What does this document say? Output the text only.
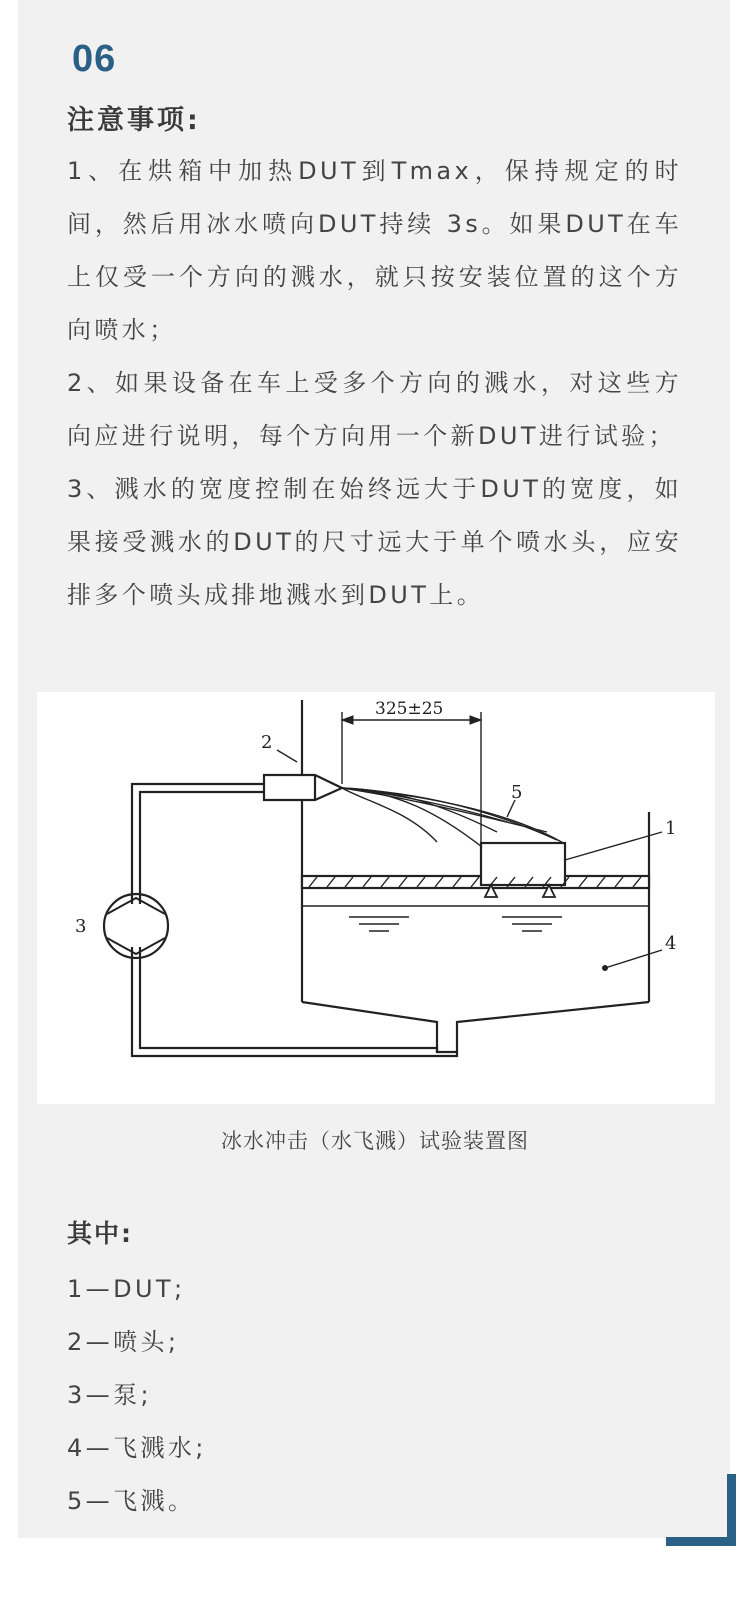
06
注意事项:

1、在烘箱中加热DUT到Tmax，保持规定的时间，然后用冰水喷向DUT持续 3s。如果DUT在车上仅受一个方向的溅水，就只按安装位置的这个方向喷水；

2、如果设备在车上受多个方向的溅水，对这些方向应进行说明，每个方向用一个新DUT进行试验；

3、溅水的宽度控制在始终远大于DUT的宽度，如果接受溅水的DUT的尺寸远大于单个喷水头，应安排多个喷头成排地溅水到DUT上。

325±25
1
2
3
4
5
冰水冲击（水飞溅）试验装置图
其中:
1—DUT;
2—喷头;
3—泵;
4—飞溅水;
5—飞溅。
